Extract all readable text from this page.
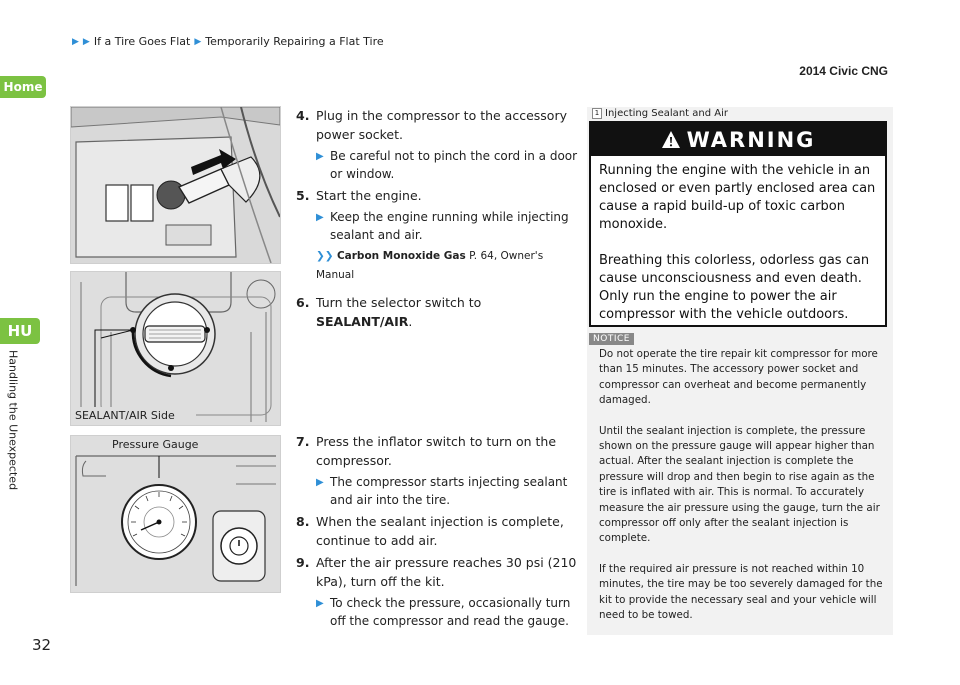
▶ ▶ If a Tire Goes Flat ▶ Temporarily Repairing a Flat Tire
2014 Civic CNG
Home
HU
Handling the Unexpected
32
SEALANT/AIR Side
Pressure Gauge
4. Plug in the compressor to the accessory power socket.
▶ Be careful not to pinch the cord in a door or window.
5. Start the engine.
▶ Keep the engine running while injecting sealant and air.
❯❯ Carbon Monoxide Gas P. 64, Owner's Manual
6. Turn the selector switch to SEALANT/AIR.
7. Press the inflator switch to turn on the compressor.
▶ The compressor starts injecting sealant and air into the tire.
8. When the sealant injection is complete, continue to add air.
9. After the air pressure reaches 30 psi (210 kPa), turn off the kit.
▶ To check the pressure, occasionally turn off the compressor and read the gauge.
1 Injecting Sealant and Air
WARNING
Running the engine with the vehicle in an enclosed or even partly enclosed area can cause a rapid build-up of toxic carbon monoxide.
Breathing this colorless, odorless gas can cause unconsciousness and even death. Only run the engine to power the air compressor with the vehicle outdoors.
NOTICE

Do not operate the tire repair kit compressor for more than 15 minutes. The accessory power socket and compressor can overheat and become permanently damaged.

Until the sealant injection is complete, the pressure shown on the pressure gauge will appear higher than actual. After the sealant injection is complete the pressure will drop and then begin to rise again as the tire is inflated with air. This is normal. To accurately measure the air pressure using the gauge, turn the air compressor off only after the sealant injection is complete.

If the required air pressure is not reached within 10 minutes, the tire may be too severely damaged for the kit to provide the necessary seal and your vehicle will need to be towed.
